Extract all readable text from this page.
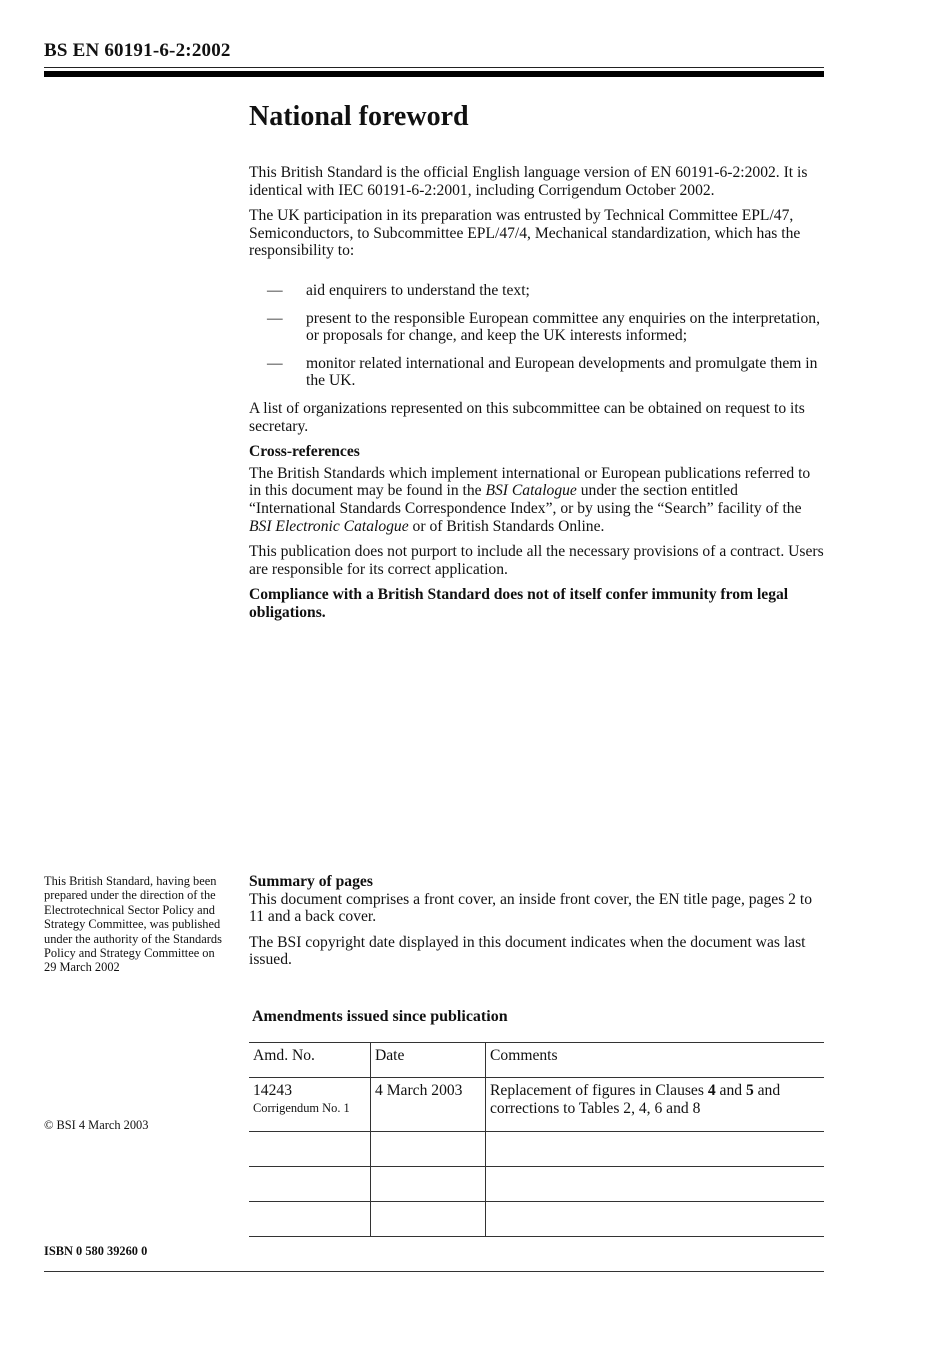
BS EN 60191-6-2:2002
National foreword

This British Standard is the official English language version of EN 60191-6-2:2002. It is identical with IEC 60191-6-2:2001, including Corrigendum October 2002.

The UK participation in its preparation was entrusted by Technical Committee EPL/47, Semiconductors, to Subcommittee EPL/47/4, Mechanical standardization, which has the responsibility to:

— aid enquirers to understand the text;
— present to the responsible European committee any enquiries on the interpretation, or proposals for change, and keep the UK interests informed;
— monitor related international and European developments and promulgate them in the UK.

A list of organizations represented on this subcommittee can be obtained on request to its secretary.

Cross-references

The British Standards which implement international or European publications referred to in this document may be found in the BSI Catalogue under the section entitled “International Standards Correspondence Index”, or by using the “Search” facility of the BSI Electronic Catalogue or of British Standards Online.

This publication does not purport to include all the necessary provisions of a contract. Users are responsible for its correct application.

Compliance with a British Standard does not of itself confer immunity from legal obligations.

This British Standard, having been prepared under the direction of the Electrotechnical Sector Policy and Strategy Committee, was published under the authority of the Standards Policy and Strategy Committee on 29 March 2002
© BSI 4 March 2003

Summary of pages

This document comprises a front cover, an inside front cover, the EN title page, pages 2 to 11 and a back cover.

The BSI copyright date displayed in this document indicates when the document was last issued.

Amendments issued since publication
Amd. No.	Date	Comments

14243
Corrigendum No. 1	4 March 2003	Replacement of figures in Clauses 4 and 5 and corrections to Tables 2, 4, 6 and 8

ISBN 0 580 39260 0
